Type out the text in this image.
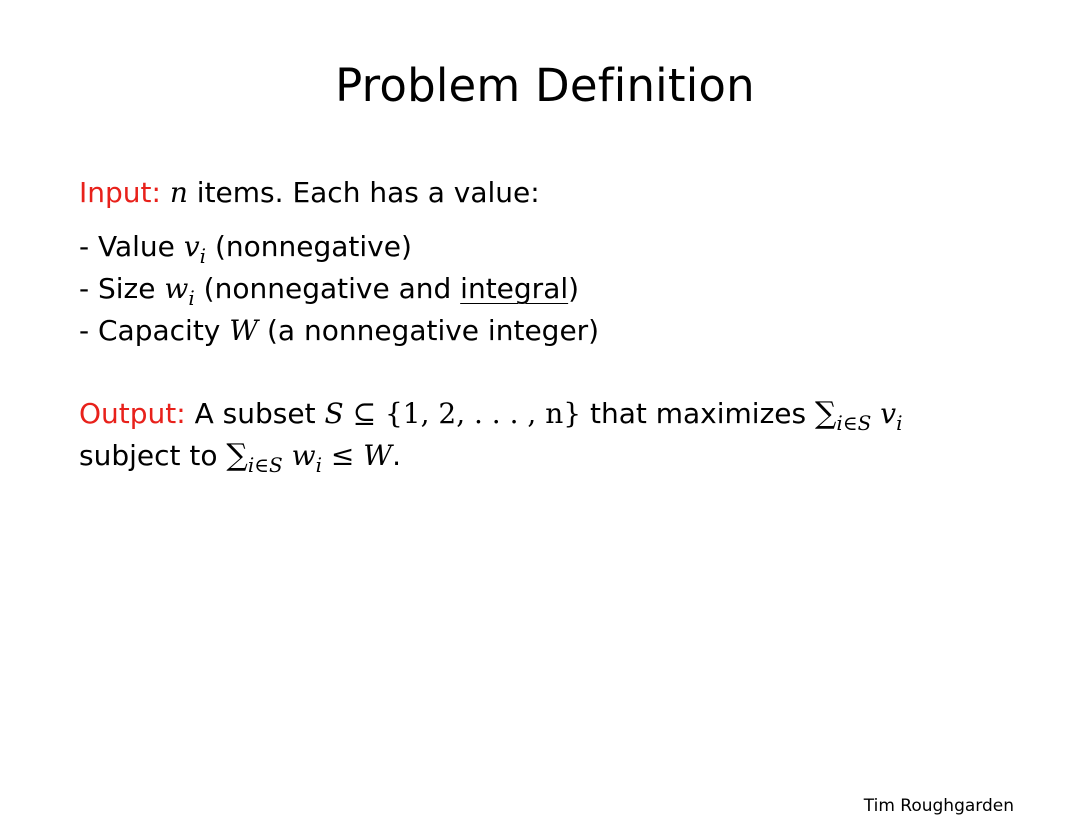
Problem Definition
Input: n items. Each has a value:
- Value $v_i$ (nonnegative)
- Size $w_i$ (nonnegative and integral)
- Capacity W (a nonnegative integer)
Output: A subset S ⊆ {1, 2, . . . , n} that maximizes $\sum_{i\in S}$ $v_i$
subject to $\sum_{i\in S}$ $w_i \le W$.
Tim Roughgarden
